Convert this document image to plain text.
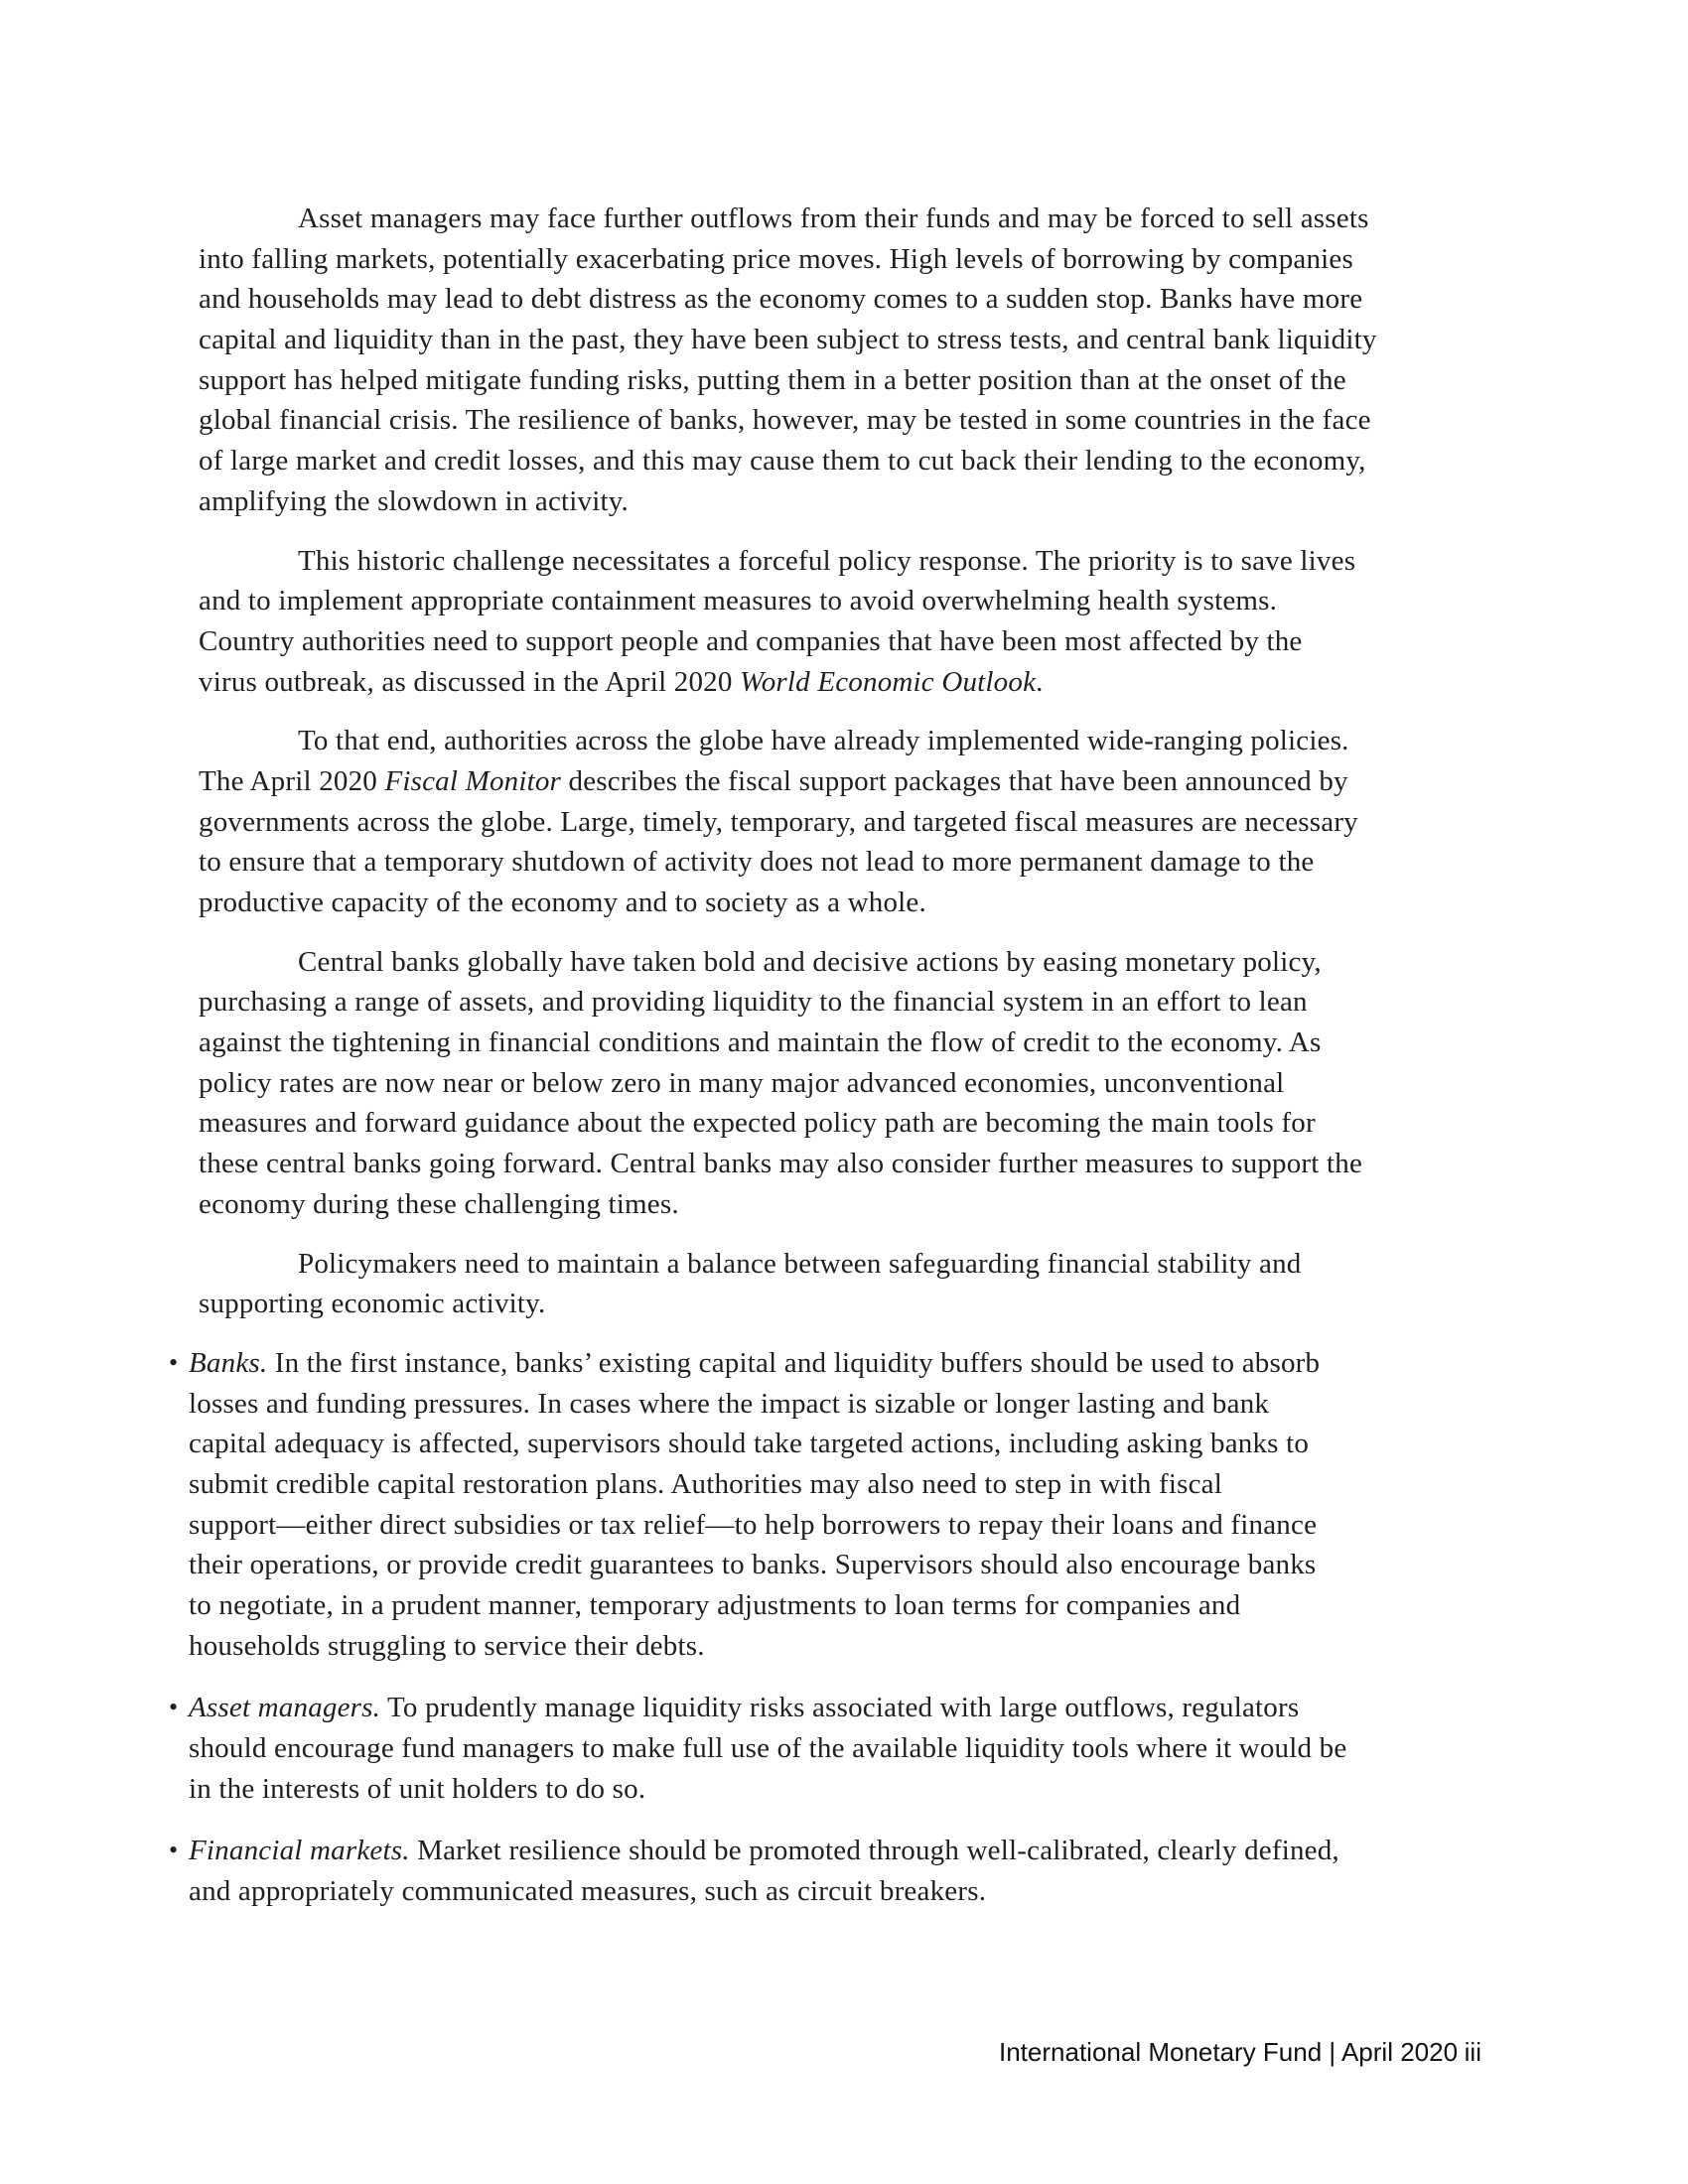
Asset managers may face further outflows from their funds and may be forced to sell assets
into falling markets, potentially exacerbating price moves. High levels of borrowing by companies
and households may lead to debt distress as the economy comes to a sudden stop. Banks have more
capital and liquidity than in the past, they have been subject to stress tests, and central bank liquidity
support has helped mitigate funding risks, putting them in a better position than at the onset of the
global financial crisis. The resilience of banks, however, may be tested in some countries in the face
of large market and credit losses, and this may cause them to cut back their lending to the economy,
amplifying the slowdown in activity.
This historic challenge necessitates a forceful policy response. The priority is to save lives
and to implement appropriate containment measures to avoid overwhelming health systems.
Country authorities need to support people and companies that have been most affected by the
virus outbreak, as discussed in the April 2020 World Economic Outlook.
To that end, authorities across the globe have already implemented wide-ranging policies.
The April 2020 Fiscal Monitor describes the fiscal support packages that have been announced by
governments across the globe. Large, timely, temporary, and targeted fiscal measures are necessary
to ensure that a temporary shutdown of activity does not lead to more permanent damage to the
productive capacity of the economy and to society as a whole.
Central banks globally have taken bold and decisive actions by easing monetary policy,
purchasing a range of assets, and providing liquidity to the financial system in an effort to lean
against the tightening in financial conditions and maintain the flow of credit to the economy. As
policy rates are now near or below zero in many major advanced economies, unconventional
measures and forward guidance about the expected policy path are becoming the main tools for
these central banks going forward. Central banks may also consider further measures to support the
economy during these challenging times.
Policymakers need to maintain a balance between safeguarding financial stability and
supporting economic activity.
• Banks. In the first instance, banks’ existing capital and liquidity buffers should be used to absorb
losses and funding pressures. In cases where the impact is sizable or longer lasting and bank
capital adequacy is affected, supervisors should take targeted actions, including asking banks to
submit credible capital restoration plans. Authorities may also need to step in with fiscal
support—either direct subsidies or tax relief—to help borrowers to repay their loans and finance
their operations, or provide credit guarantees to banks. Supervisors should also encourage banks
to negotiate, in a prudent manner, temporary adjustments to loan terms for companies and
households struggling to service their debts.
• Asset managers. To prudently manage liquidity risks associated with large outflows, regulators
should encourage fund managers to make full use of the available liquidity tools where it would be
in the interests of unit holders to do so.
• Financial markets. Market resilience should be promoted through well-calibrated, clearly defined,
and appropriately communicated measures, such as circuit breakers.
International Monetary Fund | April 2020 iii
